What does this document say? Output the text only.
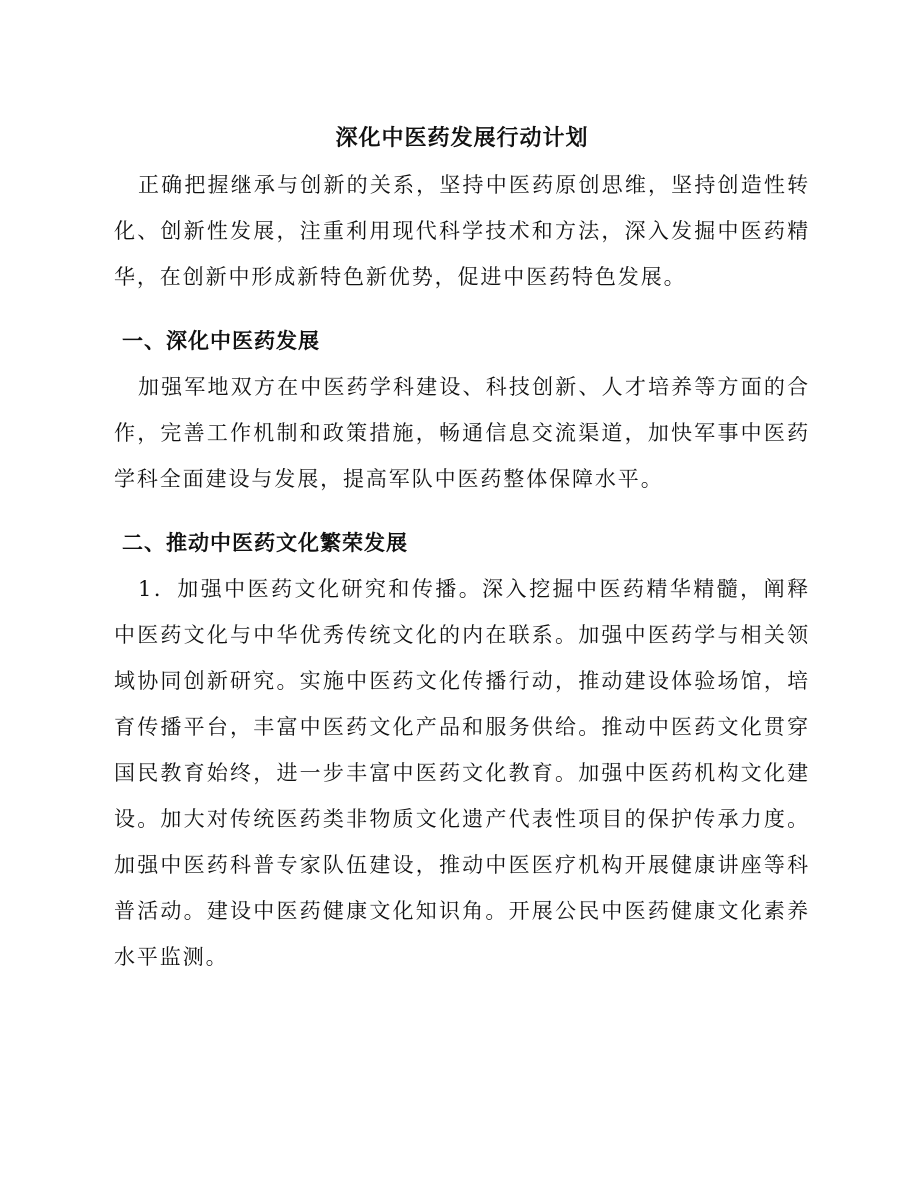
深化中医药发展行动计划

正确把握继承与创新的关系，坚持中医药原创思维，坚持创造性转化、创新性发展，注重利用现代科学技术和方法，深入发掘中医药精华，在创新中形成新特色新优势，促进中医药特色发展。

一、深化中医药发展

加强军地双方在中医药学科建设、科技创新、人才培养等方面的合作，完善工作机制和政策措施，畅通信息交流渠道，加快军事中医药学科全面建设与发展，提高军队中医药整体保障水平。

二、推动中医药文化繁荣发展

1．加强中医药文化研究和传播。深入挖掘中医药精华精髓，阐释中医药文化与中华优秀传统文化的内在联系。加强中医药学与相关领域协同创新研究。实施中医药文化传播行动，推动建设体验场馆，培育传播平台，丰富中医药文化产品和服务供给。推动中医药文化贯穿国民教育始终，进一步丰富中医药文化教育。加强中医药机构文化建设。加大对传统医药类非物质文化遗产代表性项目的保护传承力度。加强中医药科普专家队伍建设，推动中医医疗机构开展健康讲座等科普活动。建设中医药健康文化知识角。开展公民中医药健康文化素养水平监测。
